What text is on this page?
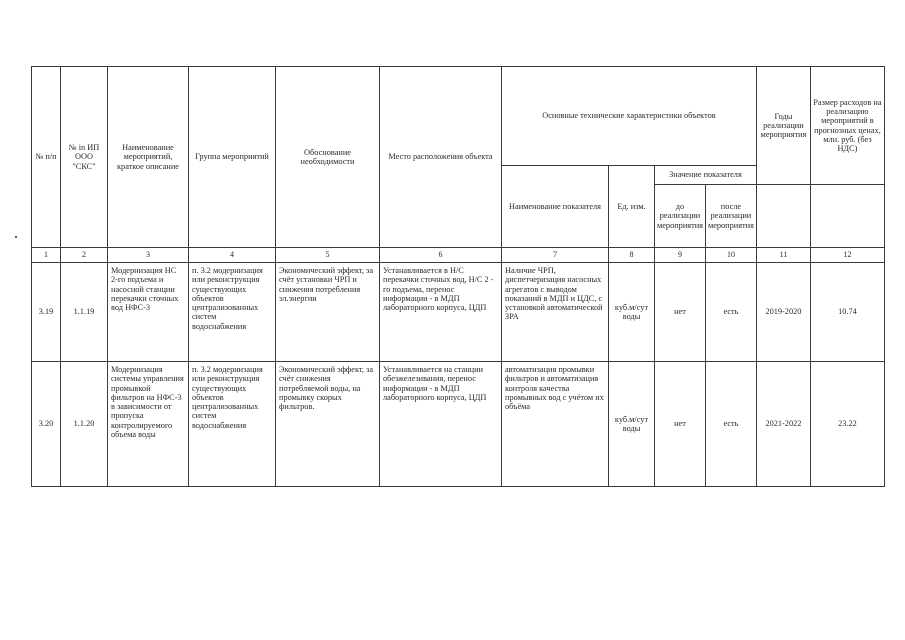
№ п/п	№ in ИП ООО "СКС"	Наименование мероприятий, краткое описание	Группа мероприятий	Обоснование необходимости	Место расположения объекта	Основные технические характеристики объектов				Годы реализации мероприятия	Размер расходов на реализацию мероприятий в прогнозных ценах, млн. руб. (без НДС)
						Наименование показателя	Ед. изм.	Значение показателя			
								до реализации мероприятия	после реализации мероприятия		
1	2	3	4	5	6	7	8	9	10	11	12
3.19	1.1.19	Модернизация НС 2-го подъема и насосной станции перекачки сточных вод НФС-3	п. 3.2 модернизация или реконструкция существующих объектов централизованных систем водоснабжения	Экономический эффект, за счёт установки ЧРП и снижения потребления эл.энергии	Устанавливается в Н/С перекачки сточных вод, Н/С 2 - го подъема, перенос информации - в МДП лабораторного корпуса, ЦДП	Наличие ЧРП, диспетчеризация насосных агрегатов с выводом показаний в МДП и ЦДС, с установкой автоматической ЗРА	куб.м/сут воды	нет	есть	2019-2020	10.74
3.20	1.1.20	Модернизация системы управления промывкой фильтров на НФС-3 в зависимости от пропуска контролируемого объема воды	п. 3.2 модернизация или реконструкция существующих объектов централизованных систем водоснабжения	Экономический эффект, за счёт снижения потребляемой воды, на промывку скорых фильтров.	Устанавливается на станции обезжелезивания, перенос информации - в МДП лабораторного корпуса, ЦДП	автоматизация промывки фильтров и автоматизация контроля качества промывных вод с учётом их объёма	куб.м/сут воды	нет	есть	2021-2022	23.22
